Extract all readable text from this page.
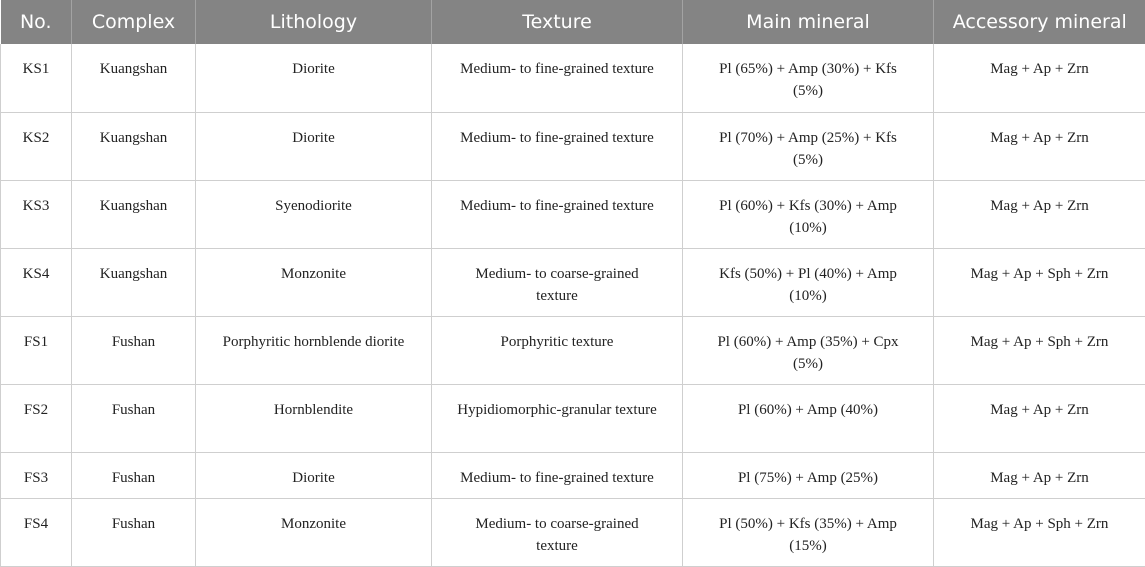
No.	Complex	Lithology	Texture	Main mineral	Accessory mineral
KS1	Kuangshan	Diorite	Medium- to fine-grained texture	Pl (65%) + Amp (30%) + Kfs (5%)	Mag + Ap + Zrn
KS2	Kuangshan	Diorite	Medium- to fine-grained texture	Pl (70%) + Amp (25%) + Kfs (5%)	Mag + Ap + Zrn
KS3	Kuangshan	Syenodiorite	Medium- to fine-grained texture	Pl (60%) + Kfs (30%) + Amp (10%)	Mag + Ap + Zrn
KS4	Kuangshan	Monzonite	Medium- to coarse-grained texture	Kfs (50%) + Pl (40%) + Amp (10%)	Mag + Ap + Sph + Zrn
FS1	Fushan	Porphyritic hornblende diorite	Porphyritic texture	Pl (60%) + Amp (35%) + Cpx (5%)	Mag + Ap + Sph + Zrn
FS2	Fushan	Hornblendite	Hypidiomorphic-granular texture	Pl (60%) + Amp (40%)	Mag + Ap + Zrn
FS3	Fushan	Diorite	Medium- to fine-grained texture	Pl (75%) + Amp (25%)	Mag + Ap + Zrn
FS4	Fushan	Monzonite	Medium- to coarse-grained texture	Pl (50%) + Kfs (35%) + Amp (15%)	Mag + Ap + Sph + Zrn
